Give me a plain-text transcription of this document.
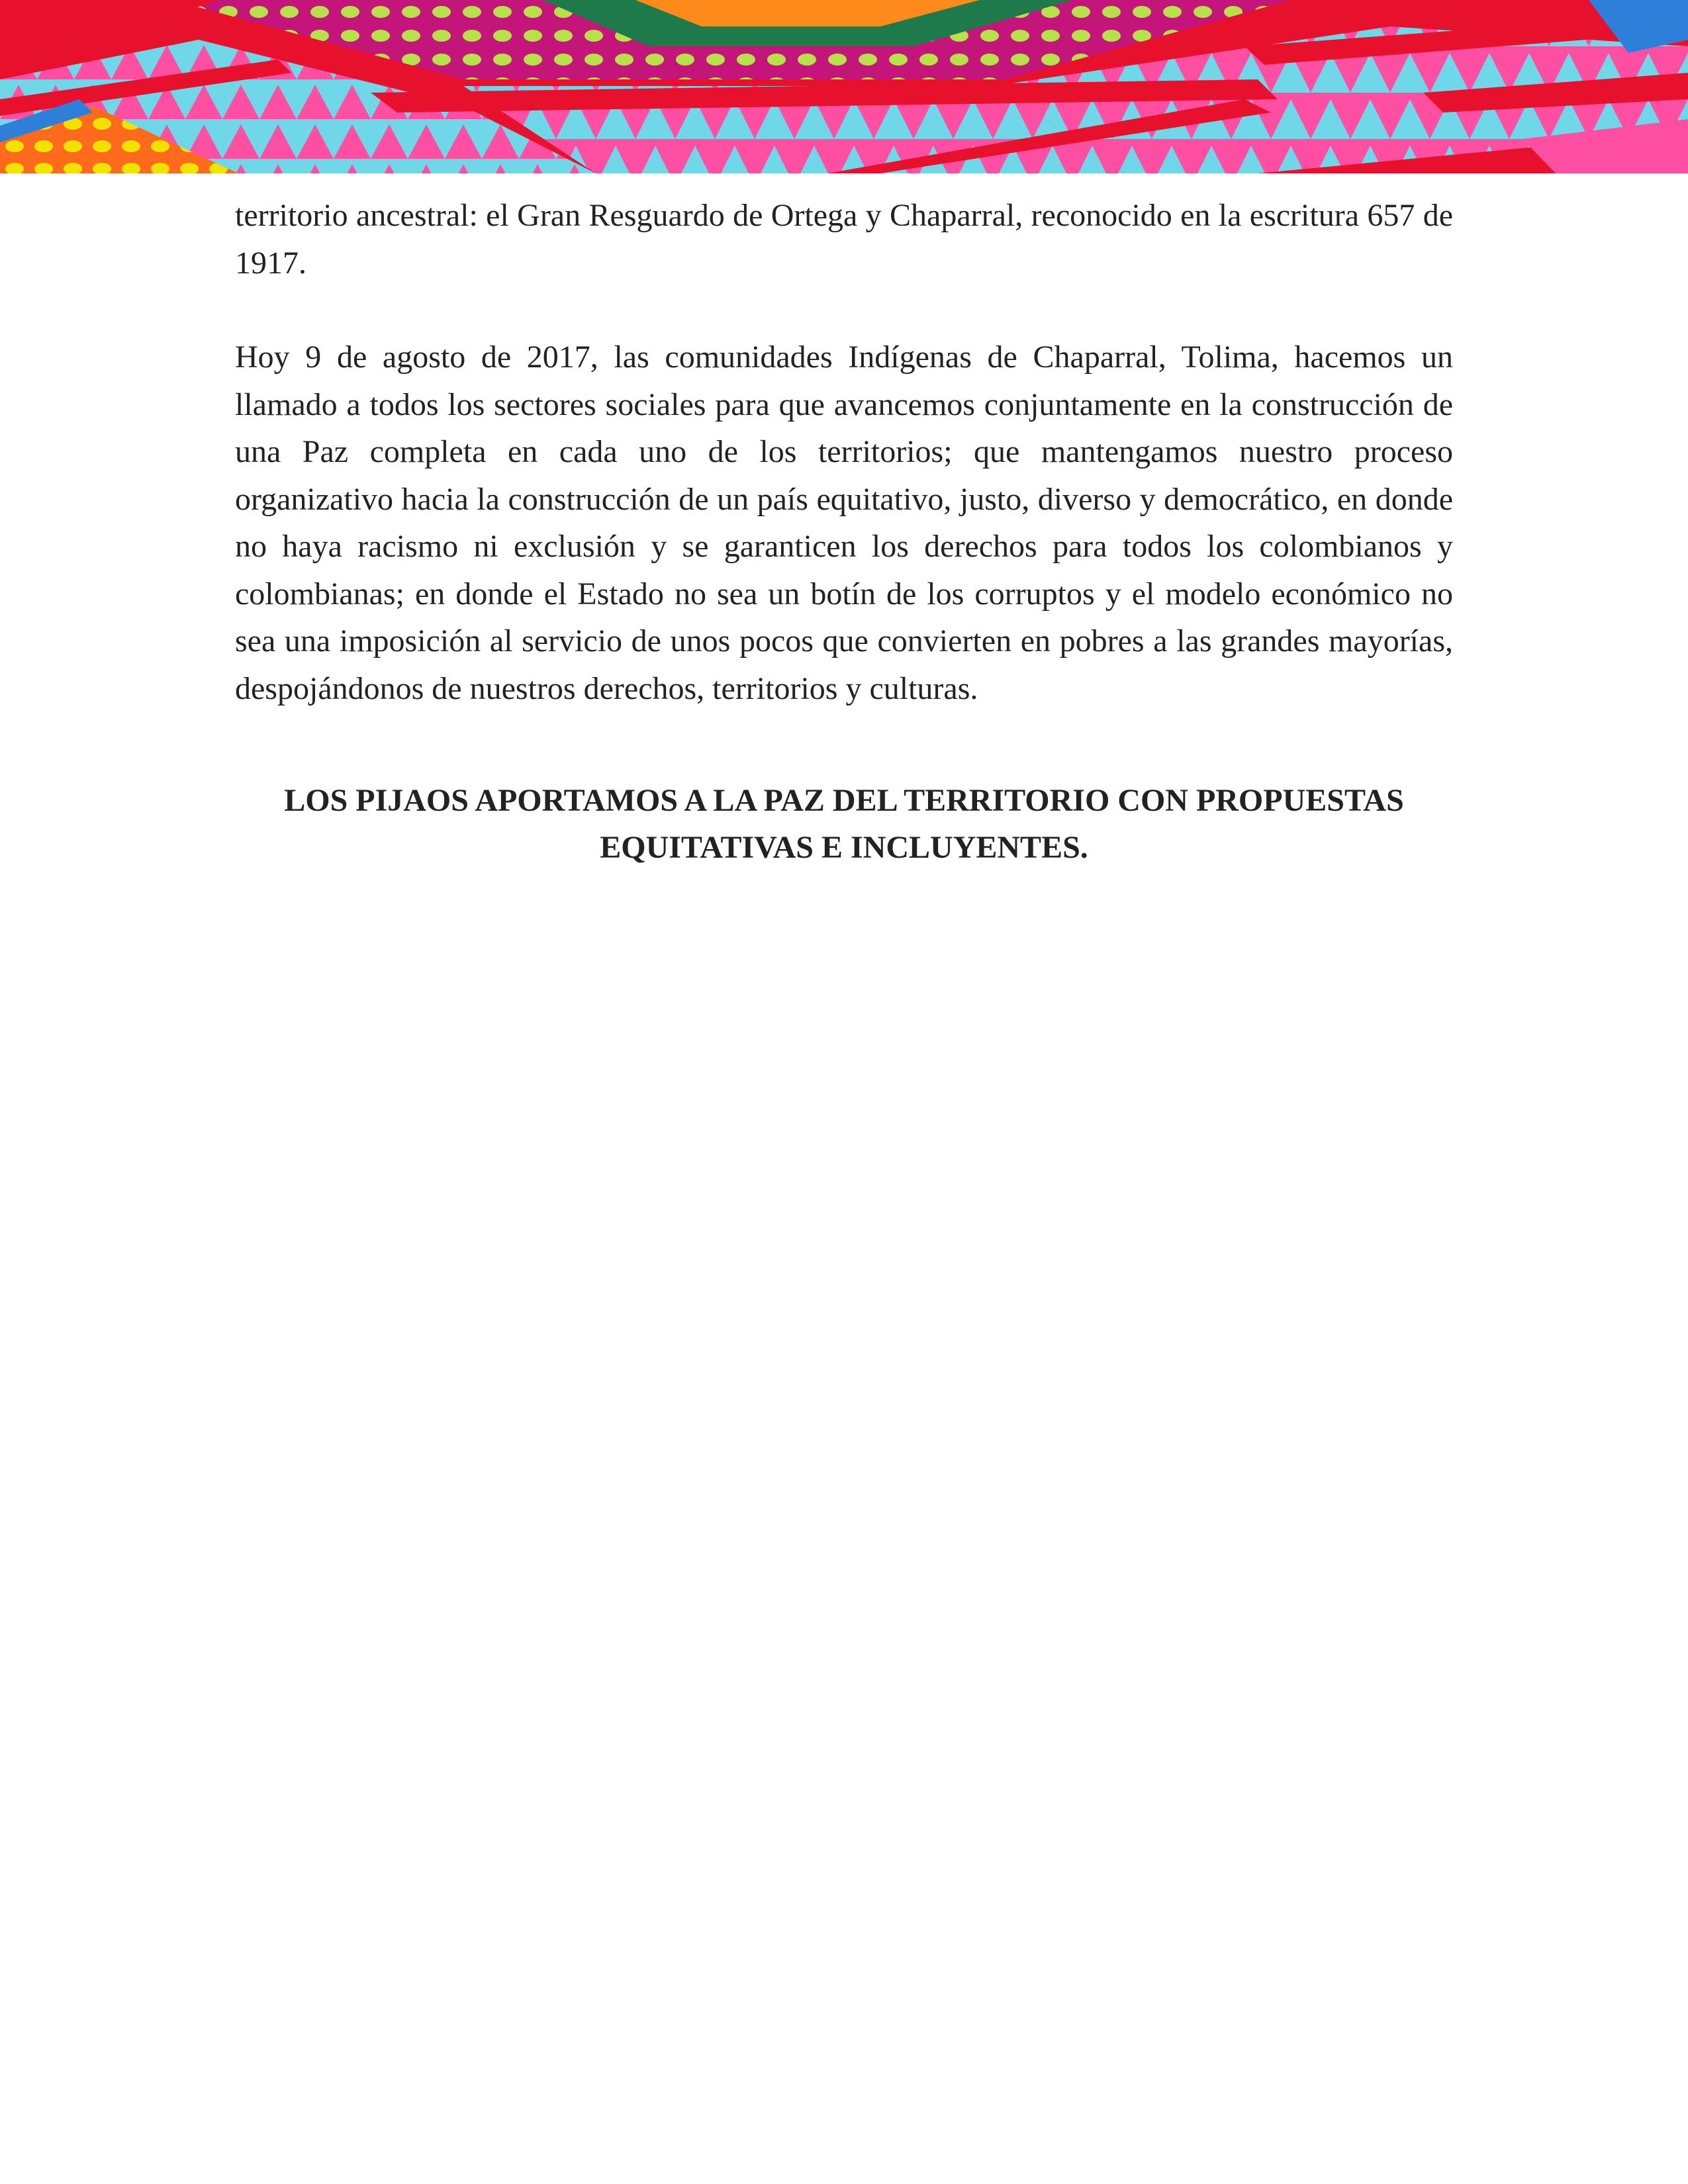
territorio ancestral: el Gran Resguardo de Ortega y Chaparral, reconocido en la escritura 657 de 1917.

Hoy 9 de agosto de 2017, las comunidades Indígenas de Chaparral, Tolima, hacemos un llamado a todos los sectores sociales para que avancemos conjuntamente en la construcción de una Paz completa en cada uno de los territorios; que mantengamos nuestro proceso organizativo hacia la construcción de un país equitativo, justo, diverso y democrático, en donde no haya racismo ni exclusión y se garanticen los derechos para todos los colombianos y colombianas; en donde el Estado no sea un botín de los corruptos y el modelo económico no sea una imposición al servicio de unos pocos que convierten en pobres a las grandes mayorías, despojándonos de nuestros derechos, territorios y culturas.

LOS PIJAOS APORTAMOS A LA PAZ DEL TERRITORIO CON PROPUESTAS EQUITATIVAS E INCLUYENTES.
